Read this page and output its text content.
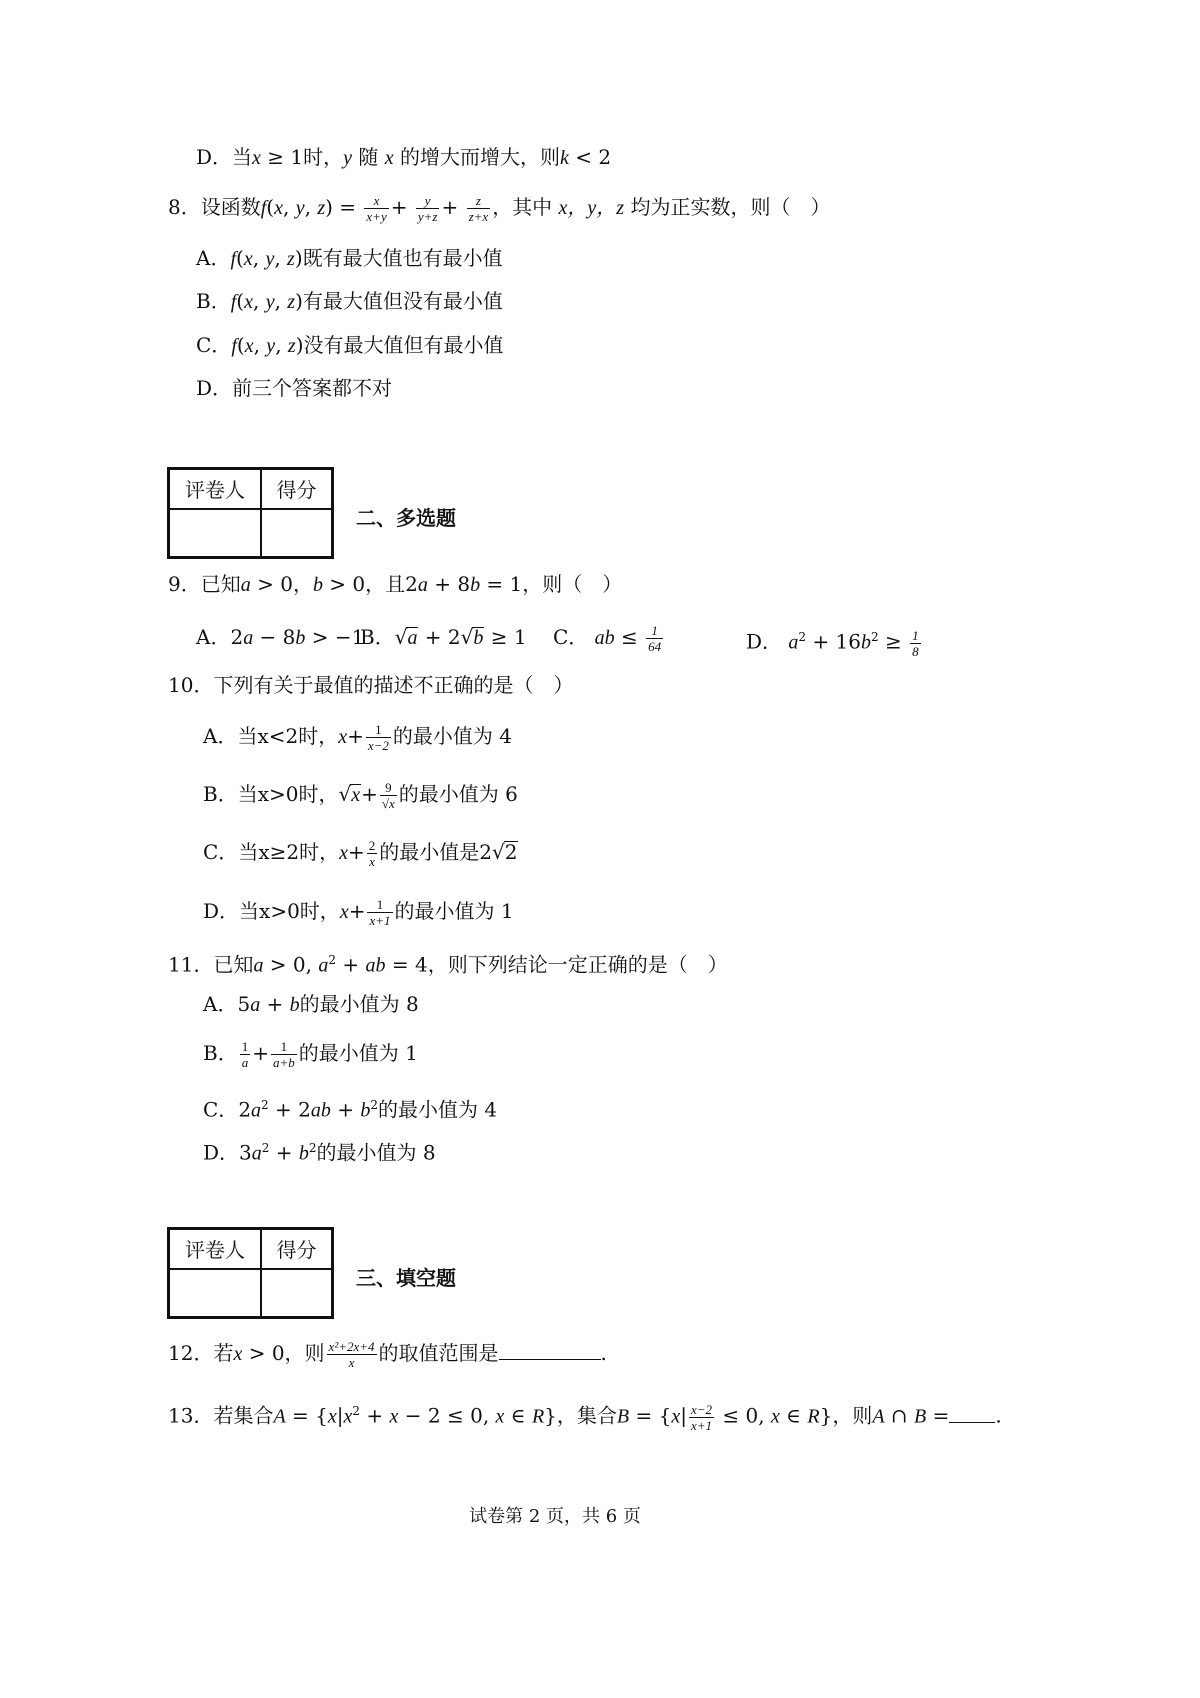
D．当x ≥ 1时，y 随 x 的增大而增大，则k < 2
8．设函数f(x, y, $z) = \frac{x}{x+y} + \frac{y}{y+z} + \frac{z}{z+x}$ ，其中 x，y，z 均为正实数，则（　）
A．f(x, y, z)既有最大值也有最小值
B．f(x, y, z)有最大值但没有最小值
C．f(x, y, z)没有最大值但有最小值
D．前三个答案都不对
评卷人	得分

二、多选题
9．已知a > 0，b > 0，且2a + 8b = 1，则（　）
A．2a − 8b > −1
B．√a + 2√b ≥ 1 C． ab ≤ $\frac{1}{64}$	D． $a^2 + 16b^2 \ge \frac{1}{8}$
10．下列有关于最值的描述不正确的是（　）
A．当x<2时，$x+ \frac{1}{x-2}$ 的最小值为 4
B．当x>0时，$√x+ \frac{9}{√x}$ 的最小值为 6
C．当x≥2时，$x+ \frac{2}{x}$ 的最小值是2√2
D．当x>0时，$x+ \frac{1}{x+1}$ 的最小值为 1
11．已知a > 0, $a^2$ + ab = 4，则下列结论一定正确的是（　）
A．5a + b的最小值为 8
B． $\frac{1}{a} + \frac{1}{a+b}$ 的最小值为 1
C．$2a^2 + 2ab + b^2$的最小值为 4
D．$3a^2 + b^2$的最小值为 8
评卷人	得分

三、填空题
12．若x > 0，则 $\frac{\text{x²+2x+4}}{x}$ 的取值范围是	.
13．若集合$A = \{x|x^2 + x - 2 \le 0$, x ∈ R}，集合$B = \{x| \frac{x-2}{x+1} \le 0$, x ∈ R}，则A ∩ B = .
试卷第 2 页，共 6 页
